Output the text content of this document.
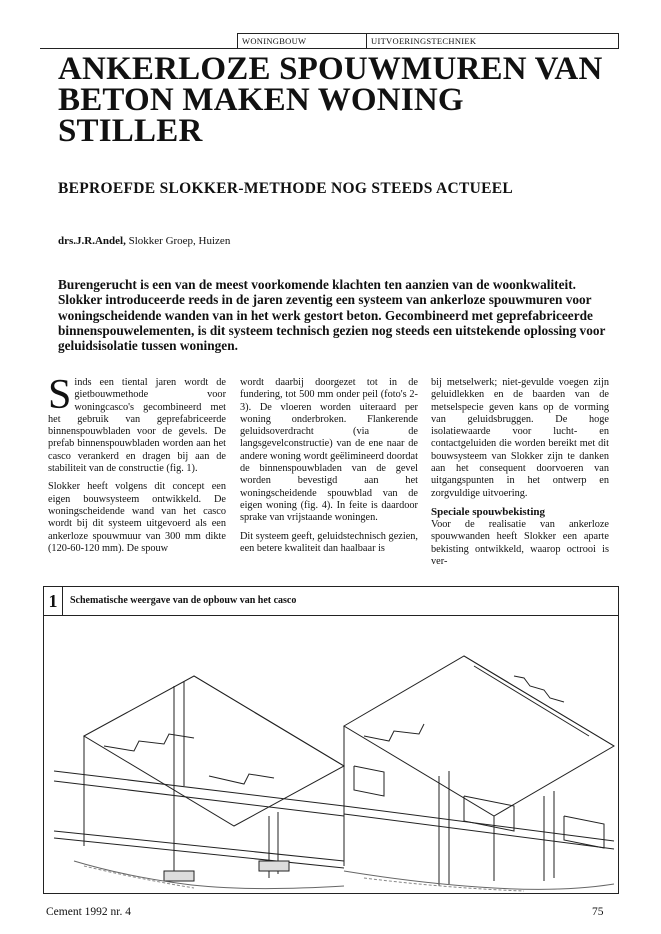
WONINGBOUW	UITVOERINGSTECHNIEK
ANKERLOZE SPOUWMUREN VAN BETON MAKEN WONING STILLER
BEPROEFDE SLOKKER-METHODE NOG STEEDS ACTUEEL
drs.J.R.Andel, Slokker Groep, Huizen

Burengerucht is een van de meest voorkomende klachten ten aanzien van de woonkwaliteit. Slokker introduceerde reeds in de jaren zeventig een systeem van ankerloze spouwmuren voor woningscheidende wanden van in het werk gestort beton. Gecombineerd met geprefabriceerde binnenspouwelementen, is dit systeem technisch gezien nog steeds een uitstekende oplossing voor geluidsisolatie tussen woningen.

Sinds een tiental jaren wordt de gietbouwmethode voor woningcasco's gecombineerd met het gebruik van geprefabriceerde binnenspouwbladen voor de gevels. De prefab binnenspouwbladen worden aan het casco verankerd en dragen bij aan de stabiliteit van de constructie (fig. 1).

Slokker heeft volgens dit concept een eigen bouwsysteem ontwikkeld. De woningscheidende wand van het casco wordt bij dit systeem uitgevoerd als een ankerloze spouwmuur van 300 mm dikte (120-60-120 mm). De spouw

wordt daarbij doorgezet tot in de fundering, tot 500 mm onder peil (foto's 2-3). De vloeren worden uiteraard per woning onderbroken. Flankerende geluidsoverdracht (via de langsgevelconstructie) van de ene naar de andere woning wordt geëlimineerd doordat de binnenspouwbladen van de gevel worden bevestigd aan het woningscheidende spouwblad van de eigen woning (fig. 4). In feite is daardoor sprake van vrijstaande woningen.

Dit systeem geeft, geluidstechnisch gezien, een betere kwaliteit dan haalbaar is

bij metselwerk; niet-gevulde voegen zijn geluidlekken en de baarden van de metselspecie geven kans op de vorming van geluidsbruggen. De hoge isolatiewaarde voor lucht- en contactgeluiden die worden bereikt met dit bouwsysteem van Slokker zijn te danken aan het consequent doorvoeren van uitgangspunten in het ontwerp en zorgvuldige uitvoering.

Speciale spouwbekisting

Voor de realisatie van ankerloze spouwwanden heeft Slokker een aparte bekisting ontwikkeld, waarop octrooi is ver-

1	Schematische weergave van de opbouw van het casco
Cement 1992 nr. 4	75
